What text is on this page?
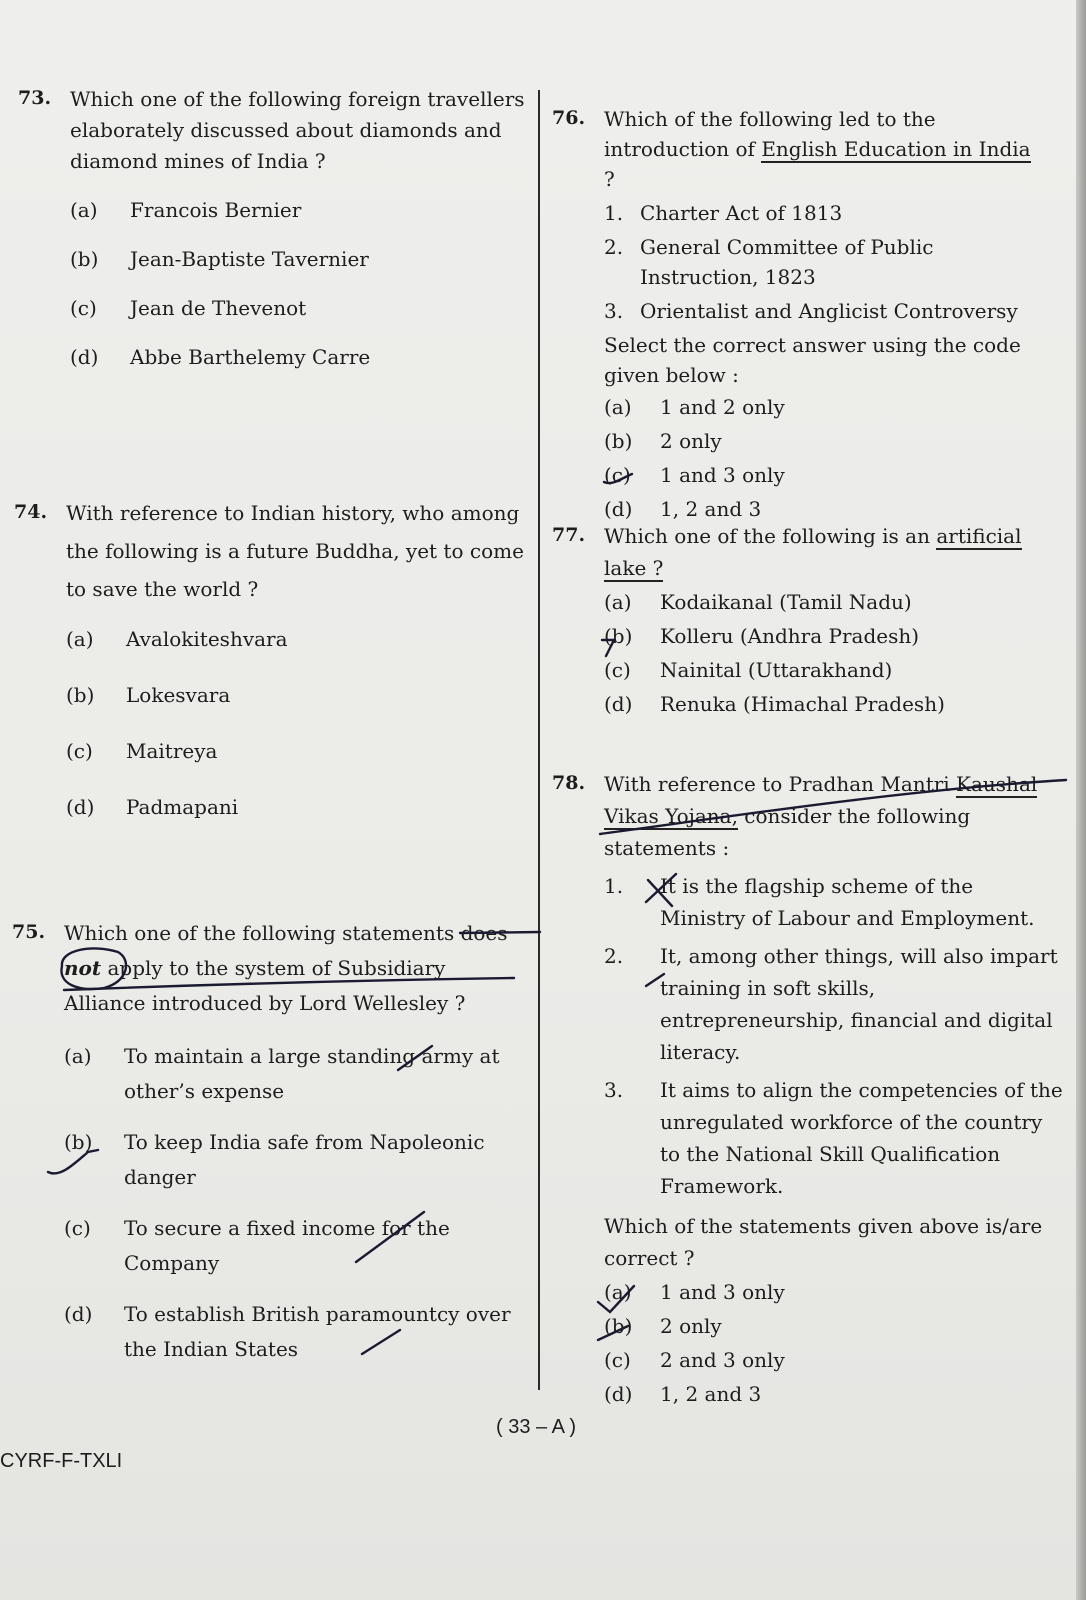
73. Which one of the following foreign travellers elaborately discussed about diamonds and diamond mines of India ?
(a)	Francois Bernier
(b)	Jean-Baptiste Tavernier
(c)	Jean de Thevenot
(d)	Abbe Barthelemy Carre
74. With reference to Indian history, who among the following is a future Buddha, yet to come to save the world ?
(a)	Avalokiteshvara
(b)	Lokesvara
(c)	Maitreya
(d)	Padmapani
75. Which one of the following statements does not apply to the system of Subsidiary Alliance introduced by Lord Wellesley ?
(a)	To maintain a large standing army at other’s expense
(b)	To keep India safe from Napoleonic danger
(c)	To secure a fixed income for the Company
(d)	To establish British paramountcy over the Indian States
76. Which of the following led to the introduction of English Education in India ?
1. Charter Act of 1813
2. General Committee of Public Instruction, 1823
3. Orientalist and Anglicist Controversy
Select the correct answer using the code given below :
(a)	1 and 2 only
(b)	2 only
(c)	1 and 3 only
(d)	1, 2 and 3
77. Which one of the following is an artificial lake ?
(a)	Kodaikanal (Tamil Nadu)
(b)	Kolleru (Andhra Pradesh)
(c)	Nainital (Uttarakhand)
(d)	Renuka (Himachal Pradesh)
78. With reference to Pradhan Mantri Kaushal Vikas Yojana, consider the following statements :
1.	It is the flagship scheme of the Ministry of Labour and Employment.
2.	It, among other things, will also impart training in soft skills, entrepreneurship, financial and digital literacy.
3.	It aims to align the competencies of the unregulated workforce of the country to the National Skill Qualification Framework.
Which of the statements given above is/are correct ?
(a)	1 and 3 only
(b)	2 only
(c)	2 and 3 only
(d)	1, 2 and 3
( 33 – A )
CYRF-F-TXLI
